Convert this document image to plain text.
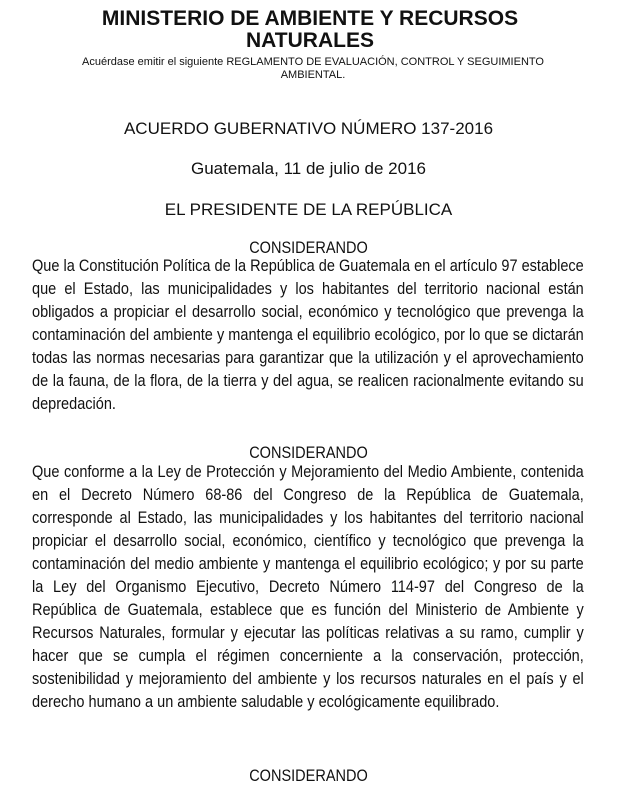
MINISTERIO DE AMBIENTE Y RECURSOS NATURALES
Acuérdase emitir el siguiente REGLAMENTO DE EVALUACIÓN, CONTROL Y SEGUIMIENTO AMBIENTAL.
ACUERDO GUBERNATIVO NÚMERO 137-2016
Guatemala, 11 de julio de 2016
EL PRESIDENTE DE LA REPÚBLICA
CONSIDERANDO
Que la Constitución Política de la República de Guatemala en el artículo 97 establece que el Estado, las municipalidades y los habitantes del territorio nacional están obligados a propiciar el desarrollo social, económico y tecnológico que prevenga la contaminación del ambiente y mantenga el equilibrio ecológico, por lo que se dictarán todas las normas necesarias para garantizar que la utilización y el aprovechamiento de la fauna, de la flora, de la tierra y del agua, se realicen racionalmente evitando su depredación.
CONSIDERANDO
Que conforme a la Ley de Protección y Mejoramiento del Medio Ambiente, contenida en el Decreto Número 68-86 del Congreso de la República de Guatemala, corresponde al Estado, las municipalidades y los habitantes del territorio nacional propiciar el desarrollo social, económico, científico y tecnológico que prevenga la contaminación del medio ambiente y mantenga el equilibrio ecológico; y por su parte la Ley del Organismo Ejecutivo, Decreto Número 114-97 del Congreso de la República de Guatemala, establece que es función del Ministerio de Ambiente y Recursos Naturales, formular y ejecutar las políticas relativas a su ramo, cumplir y hacer que se cumpla el régimen concerniente a la conservación, protección, sostenibilidad y mejoramiento del ambiente y los recursos naturales en el país y el derecho humano a un ambiente saludable y ecológicamente equilibrado.
CONSIDERANDO
